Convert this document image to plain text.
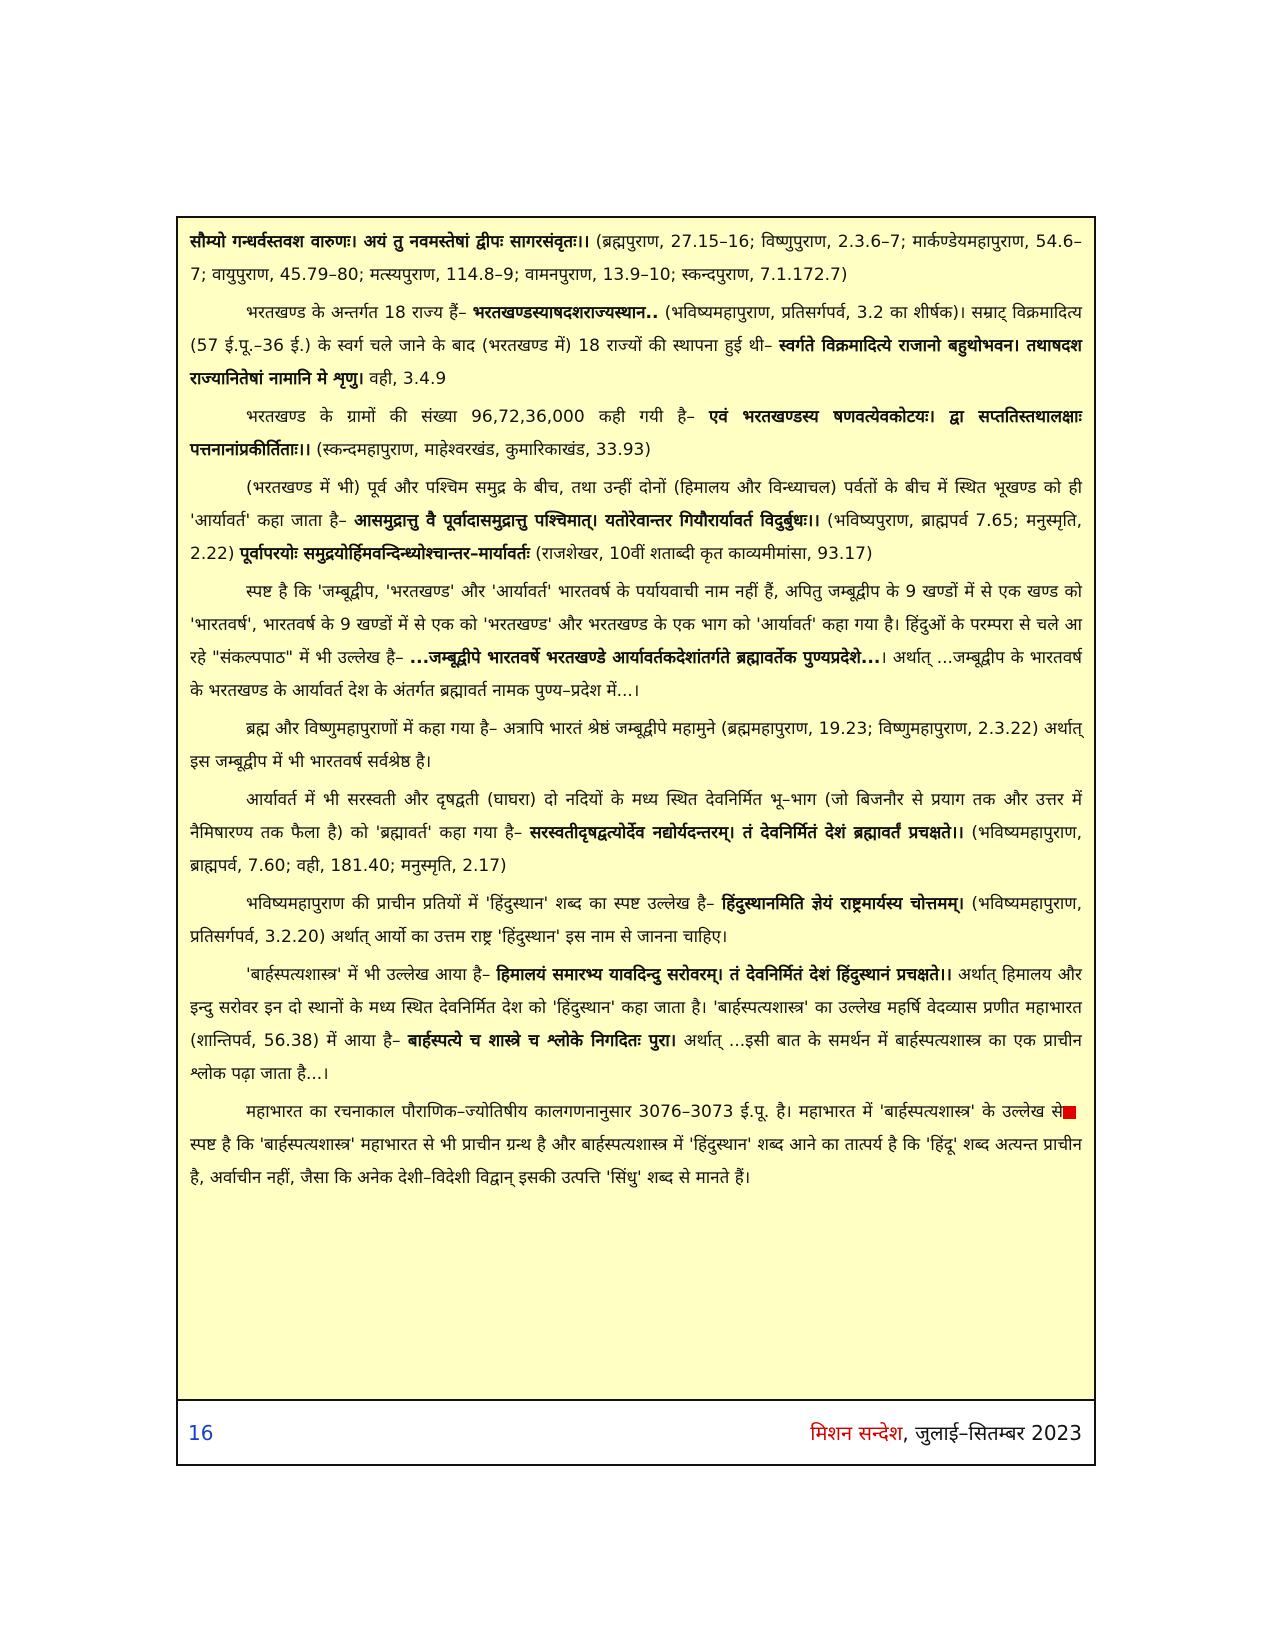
सौम्यो गन्धर्वस्तवश वारुणः। अयं तु नवमस्तेषां द्वीपः सागरसंवृतः।। (ब्रह्मपुराण, 27.15–16; विष्णुपुराण, 2.3.6–7; मार्कण्डेयमहापुराण, 54.6–7; वायुपुराण, 45.79–80; मत्स्यपुराण, 114.8–9; वामनपुराण, 13.9–10; स्कन्दपुराण, 7.1.172.7)

भरतखण्ड के अन्तर्गत 18 राज्य हैं– भरतखण्डस्याषदशराज्यस्थान.. (भविष्यमहापुराण, प्रतिसर्गपर्व, 3.2 का शीर्षक)। सम्राट् विक्रमादित्य (57 ई.पू.–36 ई.) के स्वर्ग चले जाने के बाद (भरतखण्ड में) 18 राज्यों की स्थापना हुई थी– स्वर्गते विक्रमादित्ये राजानो बहुथोभवन। तथाषदश राज्यानितेषां नामानि मे शृणु। वही, 3.4.9

भरतखण्ड के ग्रामों की संख्या 96,72,36,000 कही गयी है– एवं भरतखण्डस्य षणवत्येवकोटयः। द्वा सप्ततिस्तथालक्षाः पत्तनानांप्रकीर्तिताः।। (स्कन्दमहापुराण, माहेश्वरखंड, कुमारिकाखंड, 33.93)

(भरतखण्ड में भी) पूर्व और पश्चिम समुद्र के बीच, तथा उन्हीं दोनों (हिमालय और विन्ध्याचल) पर्वतों के बीच में स्थित भूखण्ड को ही 'आर्यावर्त' कहा जाता है– आसमुद्रात्तु वै पूर्वादासमुद्रात्तु पश्चिमात्। यतोरेवान्तर गियौरार्यावर्त विदुर्बुधः।। (भविष्यपुराण, ब्राह्मपर्व 7.65; मनुस्मृति, 2.22) पूर्वापरयोः समुद्रयोर्हिमवन्दिन्ध्योश्चान्तर–मार्यावर्तः (राजशेखर, 10वीं शताब्दी कृत काव्यमीमांसा, 93.17)

स्पष्ट है कि 'जम्बूद्वीप, 'भरतखण्ड' और 'आर्यावर्त' भारतवर्ष के पर्यायवाची नाम नहीं हैं, अपितु जम्बूद्वीप के 9 खण्डों में से एक खण्ड को 'भारतवर्ष', भारतवर्ष के 9 खण्डों में से एक को 'भरतखण्ड' और भरतखण्ड के एक भाग को 'आर्यावर्त' कहा गया है। हिंदुओं के परम्परा से चले आ रहे "संकल्पपाठ" में भी उल्लेख है– ...जम्बूद्वीपे भारतवर्षे भरतखण्डे आर्यावर्तकदेशांतर्गते ब्रह्मावर्तेक पुण्यप्रदेशे...। अर्थात् ...जम्बूद्वीप के भारतवर्ष के भरतखण्ड के आर्यावर्त देश के अंतर्गत ब्रह्मावर्त नामक पुण्य–प्रदेश में...।

ब्रह्म और विष्णुमहापुराणों में कहा गया है– अत्रापि भारतं श्रेष्ठं जम्बूद्वीपे महामुने (ब्रह्ममहापुराण, 19.23; विष्णुमहापुराण, 2.3.22) अर्थात् इस जम्बूद्वीप में भी भारतवर्ष सर्वश्रेष्ठ है।

आर्यावर्त में भी सरस्वती और दृषद्वती (घाघरा) दो नदियों के मध्य स्थित देवनिर्मित भू–भाग (जो बिजनौर से प्रयाग तक और उत्तर में नैमिषारण्य तक फैला है) को 'ब्रह्मावर्त' कहा गया है– सरस्वतीदृषद्वत्योर्देव नद्योर्यदन्तरम्। तं देवनिर्मितं देशं ब्रह्मावर्तं प्रचक्षते।। (भविष्यमहापुराण, ब्राह्मपर्व, 7.60; वही, 181.40; मनुस्मृति, 2.17)

भविष्यमहापुराण की प्राचीन प्रतियों में 'हिंदुस्थान' शब्द का स्पष्ट उल्लेख है– हिंदुस्थानमिति ज्ञेयं राष्ट्रमार्यस्य चोत्तमम्। (भविष्यमहापुराण, प्रतिसर्गपर्व, 3.2.20) अर्थात् आर्यो का उत्तम राष्ट्र 'हिंदुस्थान' इस नाम से जानना चाहिए।

'बार्हस्पत्यशास्त्र' में भी उल्लेख आया है– हिमालयं समारभ्य यावदिन्दु सरोवरम्। तं देवनिर्मितं देशं हिंदुस्थानं प्रचक्षते।। अर्थात् हिमालय और इन्दु सरोवर इन दो स्थानों के मध्य स्थित देवनिर्मित देश को 'हिंदुस्थान' कहा जाता है। 'बार्हस्पत्यशास्त्र' का उल्लेख महर्षि वेदव्यास प्रणीत महाभारत (शान्तिपर्व, 56.38) में आया है– बार्हस्पत्ये च शास्त्रे च श्लोके निगदितः पुरा। अर्थात् ...इसी बात के समर्थन में बार्हस्पत्यशास्त्र का एक प्राचीन श्लोक पढ़ा जाता है...।

महाभारत का रचनाकाल पौराणिक–ज्योतिषीय कालगणनानुसार 3076–3073 ई.पू. है। महाभारत में 'बार्हस्पत्यशास्त्र' के उल्लेख से स्पष्ट है कि 'बार्हस्पत्यशास्त्र' महाभारत से भी प्राचीन ग्रन्थ है और बार्हस्पत्यशास्त्र में 'हिंदुस्थान' शब्द आने का तात्पर्य है कि 'हिंदू' शब्द अत्यन्त प्राचीन है, अर्वाचीन नहीं, जैसा कि अनेक देशी–विदेशी विद्वान् इसकी उत्पत्ति 'सिंधु' शब्द से मानते हैं।

16	मिशन सन्देश, जुलाई–सितम्बर 2023
